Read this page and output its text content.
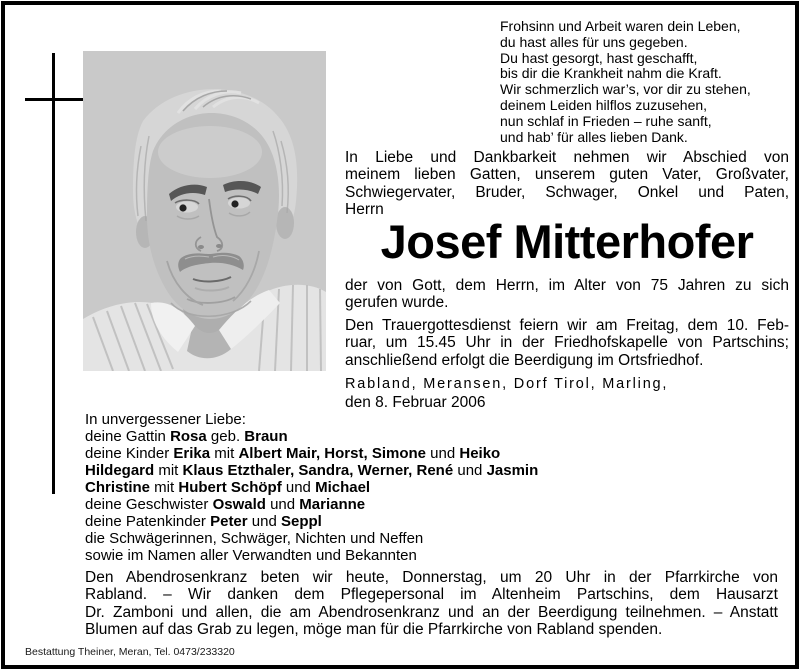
Frohsinn und Arbeit waren dein Leben,
du hast alles für uns gegeben.
Du hast gesorgt, hast geschafft,
bis dir die Krankheit nahm die Kraft.
Wir schmerzlich war’s, vor dir zu stehen,
deinem Leiden hilflos zuzusehen,
nun schlaf in Frieden – ruhe sanft,
und hab’ für alles lieben Dank.
In Liebe und Dankbarkeit nehmen wir Abschied von
meinem lieben Gatten, unserem guten Vater, Großvater,
Schwiegervater, Bruder, Schwager, Onkel und Paten,
Herrn
Josef Mitterhofer
der von Gott, dem Herrn, im Alter von 75 Jahren zu sich
gerufen wurde.
Den Trauergottesdienst feiern wir am Freitag, dem 10. Feb-
ruar, um 15.45 Uhr in der Friedhofskapelle von Partschins;
anschließend erfolgt die Beerdigung im Ortsfriedhof.
Rabland, Meransen, Dorf Tirol, Marling,
den 8. Februar 2006
In unvergessener Liebe:
deine Gattin Rosa geb. Braun
deine Kinder Erika mit Albert Mair, Horst, Simone und Heiko
Hildegard mit Klaus Etzthaler, Sandra, Werner, René und Jasmin
Christine mit Hubert Schöpf und Michael
deine Geschwister Oswald und Marianne
deine Patenkinder Peter und Seppl
die Schwägerinnen, Schwäger, Nichten und Neffen
sowie im Namen aller Verwandten und Bekannten
Den Abendrosenkranz beten wir heute, Donnerstag, um 20 Uhr in der Pfarrkirche von
Rabland. – Wir danken dem Pflegepersonal im Altenheim Partschins, dem Hausarzt
Dr. Zamboni und allen, die am Abendrosenkranz und an der Beerdigung teilnehmen. – Anstatt
Blumen auf das Grab zu legen, möge man für die Pfarrkirche von Rabland spenden.
Bestattung Theiner, Meran, Tel. 0473/233320
